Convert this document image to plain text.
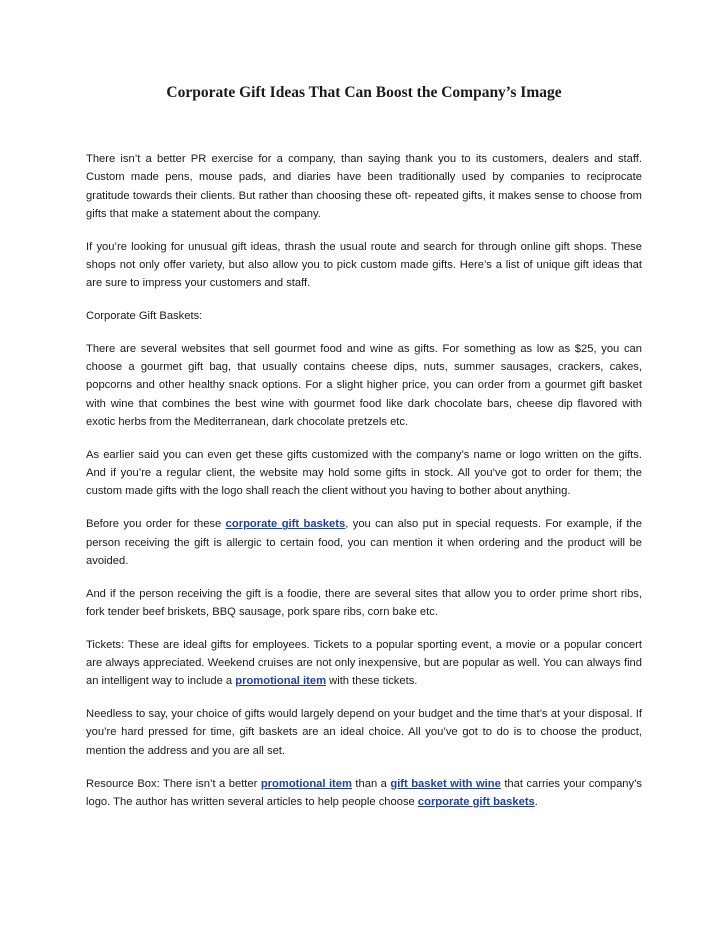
Corporate Gift Ideas That Can Boost the Company’s Image

There isn’t a better PR exercise for a company, than saying thank you to its customers, dealers and staff. Custom made pens, mouse pads, and diaries have been traditionally used by companies to reciprocate gratitude towards their clients. But rather than choosing these oft- repeated gifts, it makes sense to choose from gifts that make a statement about the company.

If you’re looking for unusual gift ideas, thrash the usual route and search for through online gift shops. These shops not only offer variety, but also allow you to pick custom made gifts. Here’s a list of unique gift ideas that are sure to impress your customers and staff.

Corporate Gift Baskets:

There are several websites that sell gourmet food and wine as gifts. For something as low as $25, you can choose a gourmet gift bag, that usually contains cheese dips, nuts, summer sausages, crackers, cakes, popcorns and other healthy snack options. For a slight higher price, you can order from a gourmet gift basket with wine that combines the best wine with gourmet food like dark chocolate bars, cheese dip flavored with exotic herbs from the Mediterranean, dark chocolate pretzels etc.

As earlier said you can even get these gifts customized with the company’s name or logo written on the gifts. And if you’re a regular client, the website may hold some gifts in stock. All you’ve got to order for them; the custom made gifts with the logo shall reach the client without you having to bother about anything.

Before you order for these corporate gift baskets, you can also put in special requests. For example, if the person receiving the gift is allergic to certain food, you can mention it when ordering and the product will be avoided.

And if the person receiving the gift is a foodie, there are several sites that allow you to order prime short ribs, fork tender beef briskets, BBQ sausage, pork spare ribs, corn bake etc.

Tickets: These are ideal gifts for employees. Tickets to a popular sporting event, a movie or a popular concert are always appreciated. Weekend cruises are not only inexpensive, but are popular as well. You can always find an intelligent way to include a promotional item with these tickets.

Needless to say, your choice of gifts would largely depend on your budget and the time that’s at your disposal. If you’re hard pressed for time, gift baskets are an ideal choice. All you’ve got to do is to choose the product, mention the address and you are all set.

Resource Box: There isn’t a better promotional item than a gift basket with wine that carries your company’s logo. The author has written several articles to help people choose corporate gift baskets.
